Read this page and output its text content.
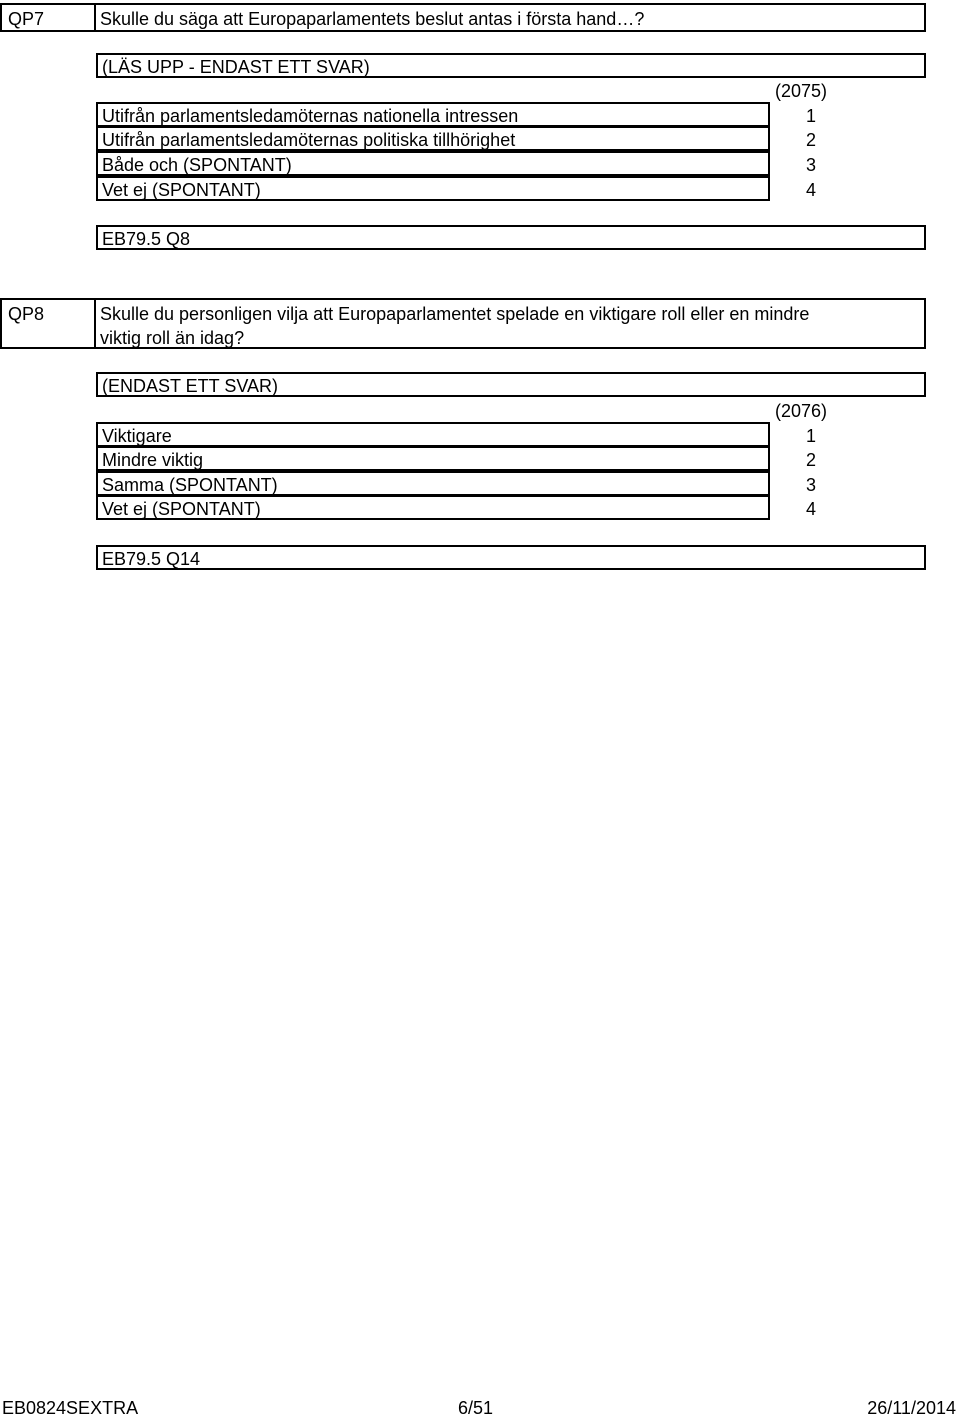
QP7	Skulle du säga att Europaparlamentets beslut antas i första hand…?
(LÄS UPP - ENDAST ETT SVAR)
(2075)
Utifrån parlamentsledamöternas nationella intressen	1
Utifrån parlamentsledamöternas politiska tillhörighet	2
Både och (SPONTANT)	3
Vet ej (SPONTANT)	4
EB79.5 Q8
QP8	Skulle du personligen vilja att Europaparlamentet spelade en viktigare roll eller en mindre
viktig roll än idag?
(ENDAST ETT SVAR)
(2076)
Viktigare	1
Mindre viktig	2
Samma (SPONTANT)	3
Vet ej (SPONTANT)	4
EB79.5 Q14
EB0824SEXTRA	6/51	26/11/2014
